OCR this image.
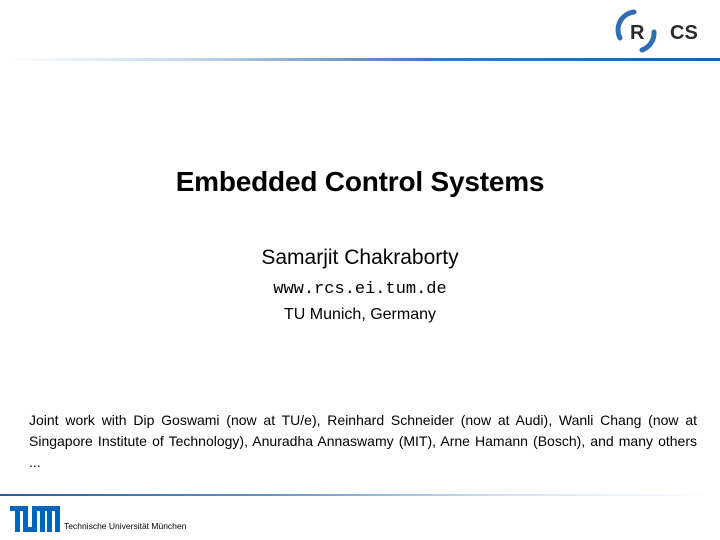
R CS
Embedded Control Systems
Samarjit Chakraborty
www.rcs.ei.tum.de
TU Munich, Germany
Joint work with Dip Goswami (now at TU/e), Reinhard Schneider (now at Audi), Wanli Chang (now at Singapore Institute of Technology), Anuradha Annaswamy (MIT), Arne Hamann (Bosch), and many others ...
Technische Universität München
